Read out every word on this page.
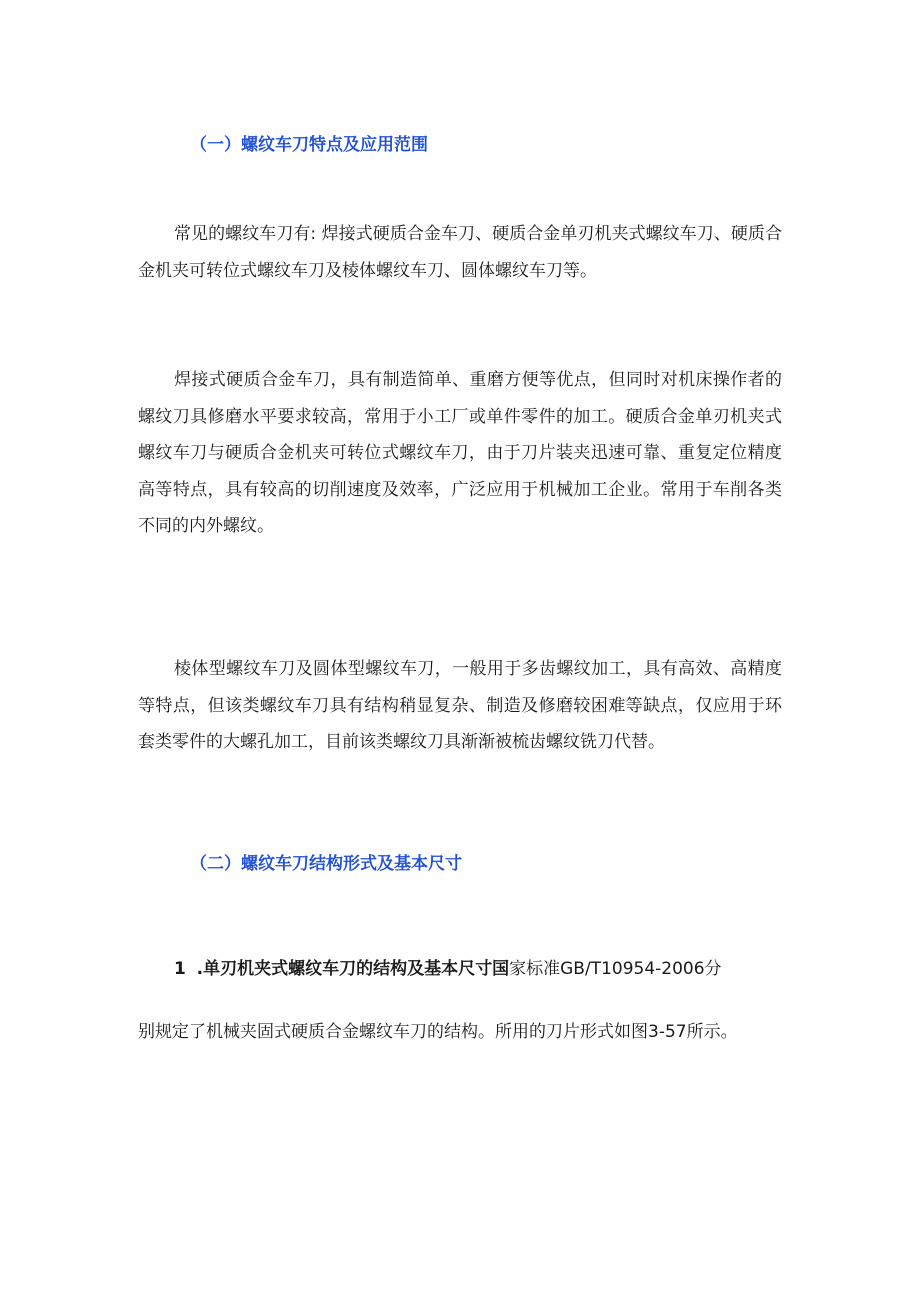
（一）螺纹车刀特点及应用范围
常见的螺纹车刀有: 焊接式硬质合金车刀、硬质合金单刃机夹式螺纹车刀、硬质合金机夹可转位式螺纹车刀及棱体螺纹车刀、圆体螺纹车刀等。
焊接式硬质合金车刀，具有制造简单、重磨方便等优点，但同时对机床操作者的螺纹刀具修磨水平要求较高，常用于小工厂或单件零件的加工。硬质合金单刃机夹式螺纹车刀与硬质合金机夹可转位式螺纹车刀，由于刀片装夹迅速可靠、重复定位精度高等特点，具有较高的切削速度及效率，广泛应用于机械加工企业。常用于车削各类不同的内外螺纹。
棱体型螺纹车刀及圆体型螺纹车刀，一般用于多齿螺纹加工，具有高效、高精度等特点，但该类螺纹车刀具有结构稍显复杂、制造及修磨较困难等缺点，仅应用于环套类零件的大螺孔加工，目前该类螺纹刀具渐渐被梳齿螺纹铣刀代替。
（二）螺纹车刀结构形式及基本尺寸
1 .单刃机夹式螺纹车刀的结构及基本尺寸国家标准GB/T10954-2006分
别规定了机械夹固式硬质合金螺纹车刀的结构。所用的刀片形式如图3-57所示。
